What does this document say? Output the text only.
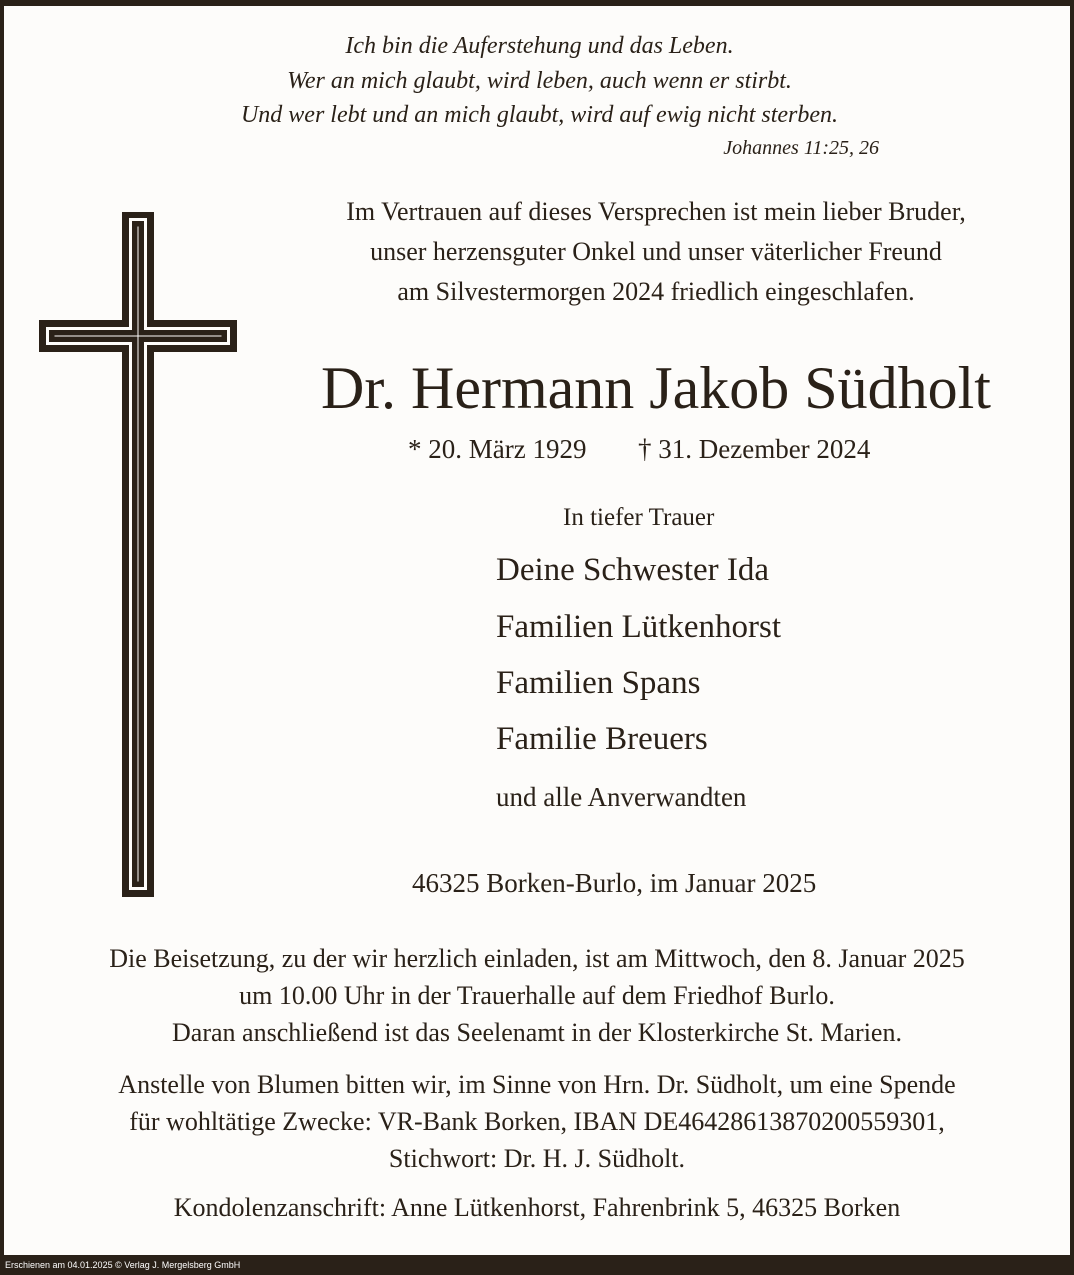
Ich bin die Auferstehung und das Leben.
Wer an mich glaubt, wird leben, auch wenn er stirbt.
Und wer lebt und an mich glaubt, wird auf ewig nicht sterben.
Johannes 11:25, 26
Im Vertrauen auf dieses Versprechen ist mein lieber Bruder,
unser herzensguter Onkel und unser väterlicher Freund
am Silvestermorgen 2024 friedlich eingeschlafen.
Dr. Hermann Jakob Südholt
* 20. März 1929 † 31. Dezember 2024
In tiefer Trauer
Deine Schwester Ida
Familien Lütkenhorst
Familien Spans
Familie Breuers
und alle Anverwandten
46325 Borken-Burlo, im Januar 2025
Die Beisetzung, zu der wir herzlich einladen, ist am Mittwoch, den 8. Januar 2025
um 10.00 Uhr in der Trauerhalle auf dem Friedhof Burlo.
Daran anschließend ist das Seelenamt in der Klosterkirche St. Marien.
Anstelle von Blumen bitten wir, im Sinne von Hrn. Dr. Südholt, um eine Spende
für wohltätige Zwecke: VR-Bank Borken, IBAN DE46428613870200559301,
Stichwort: Dr. H. J. Südholt.
Kondolenzanschrift: Anne Lütkenhorst, Fahrenbrink 5, 46325 Borken
Erschienen am 04.01.2025 © Verlag J. Mergelsberg GmbH
